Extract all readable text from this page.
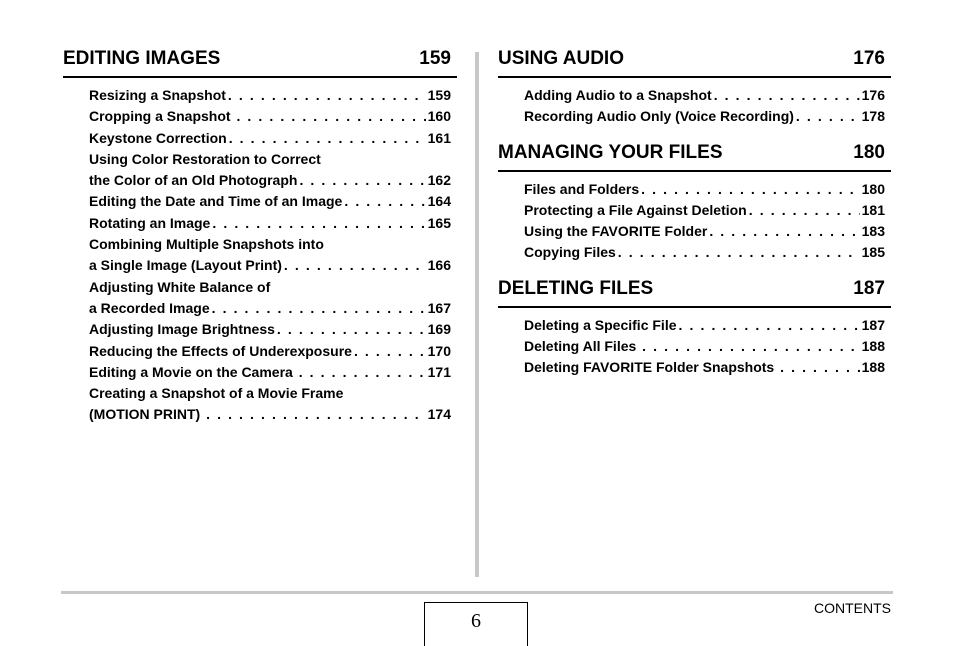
EDITING IMAGES	159
Resizing a Snapshot . . .	159
Cropping a Snapshot . . .	160
Keystone Correction . . .	161
Using Color Restoration to Correct
the Color of an Old Photograph . . .	162
Editing the Date and Time of an Image . . .	164
Rotating an Image . . .	165
Combining Multiple Snapshots into
a Single Image (Layout Print) . . .	166
Adjusting White Balance of
a Recorded Image . . .	167
Adjusting Image Brightness . . .	169
Reducing the Effects of Underexposure . . .	170
Editing a Movie on the Camera . . .	171
Creating a Snapshot of a Movie Frame
(MOTION PRINT) . . .	174
USING AUDIO	176
Adding Audio to a Snapshot . . .	176
Recording Audio Only (Voice Recording) . . .	178
MANAGING YOUR FILES	180
Files and Folders . . .	180
Protecting a File Against Deletion . . .	181
Using the FAVORITE Folder . . .	183
Copying Files . . .	185
DELETING FILES	187
Deleting a Specific File . . .	187
Deleting All Files . . .	188
Deleting FAVORITE Folder Snapshots . . .	188
6
CONTENTS
